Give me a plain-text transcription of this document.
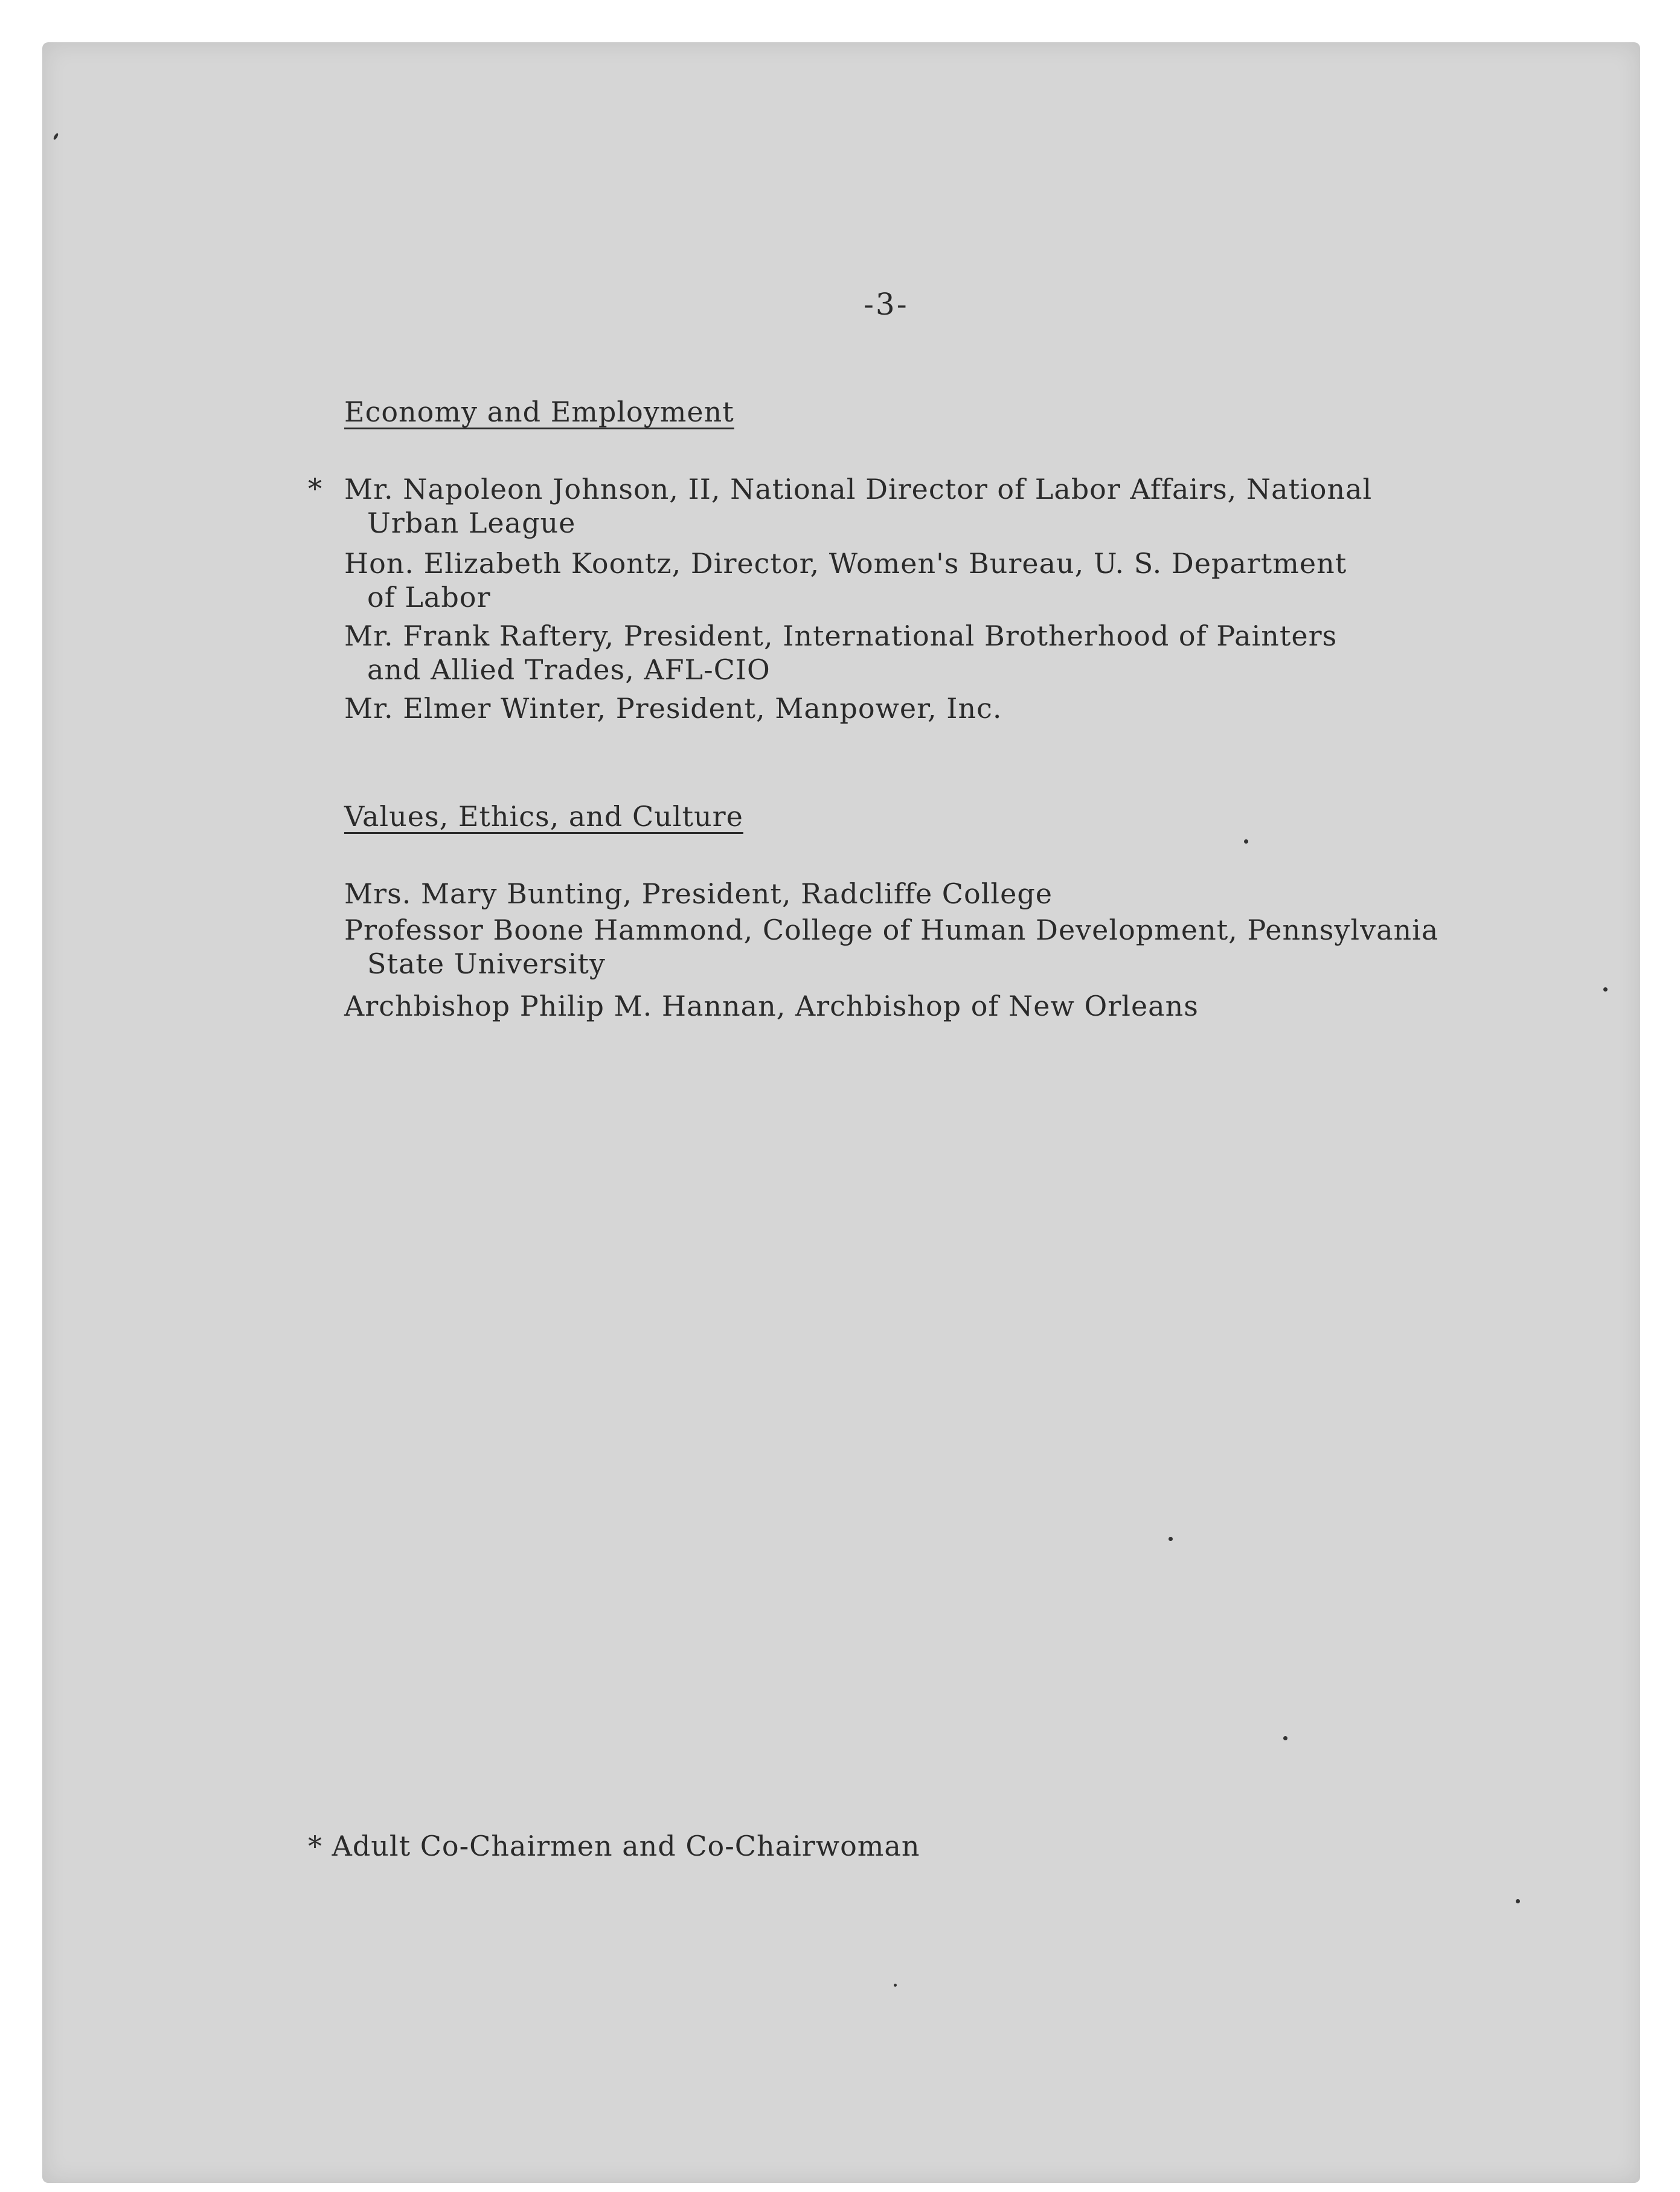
-3-
Economy and Employment
* Mr. Napoleon Johnson, II, National Director of Labor Affairs, National
Urban League
Hon. Elizabeth Koontz, Director, Women's Bureau, U. S. Department
of Labor
Mr. Frank Raftery, President, International Brotherhood of Painters
and Allied Trades, AFL-CIO
Mr. Elmer Winter, President, Manpower, Inc.
Values, Ethics, and Culture
Mrs. Mary Bunting, President, Radcliffe College
Professor Boone Hammond, College of Human Development, Pennsylvania
State University
Archbishop Philip M. Hannan, Archbishop of New Orleans
* Adult Co-Chairmen and Co-Chairwoman
